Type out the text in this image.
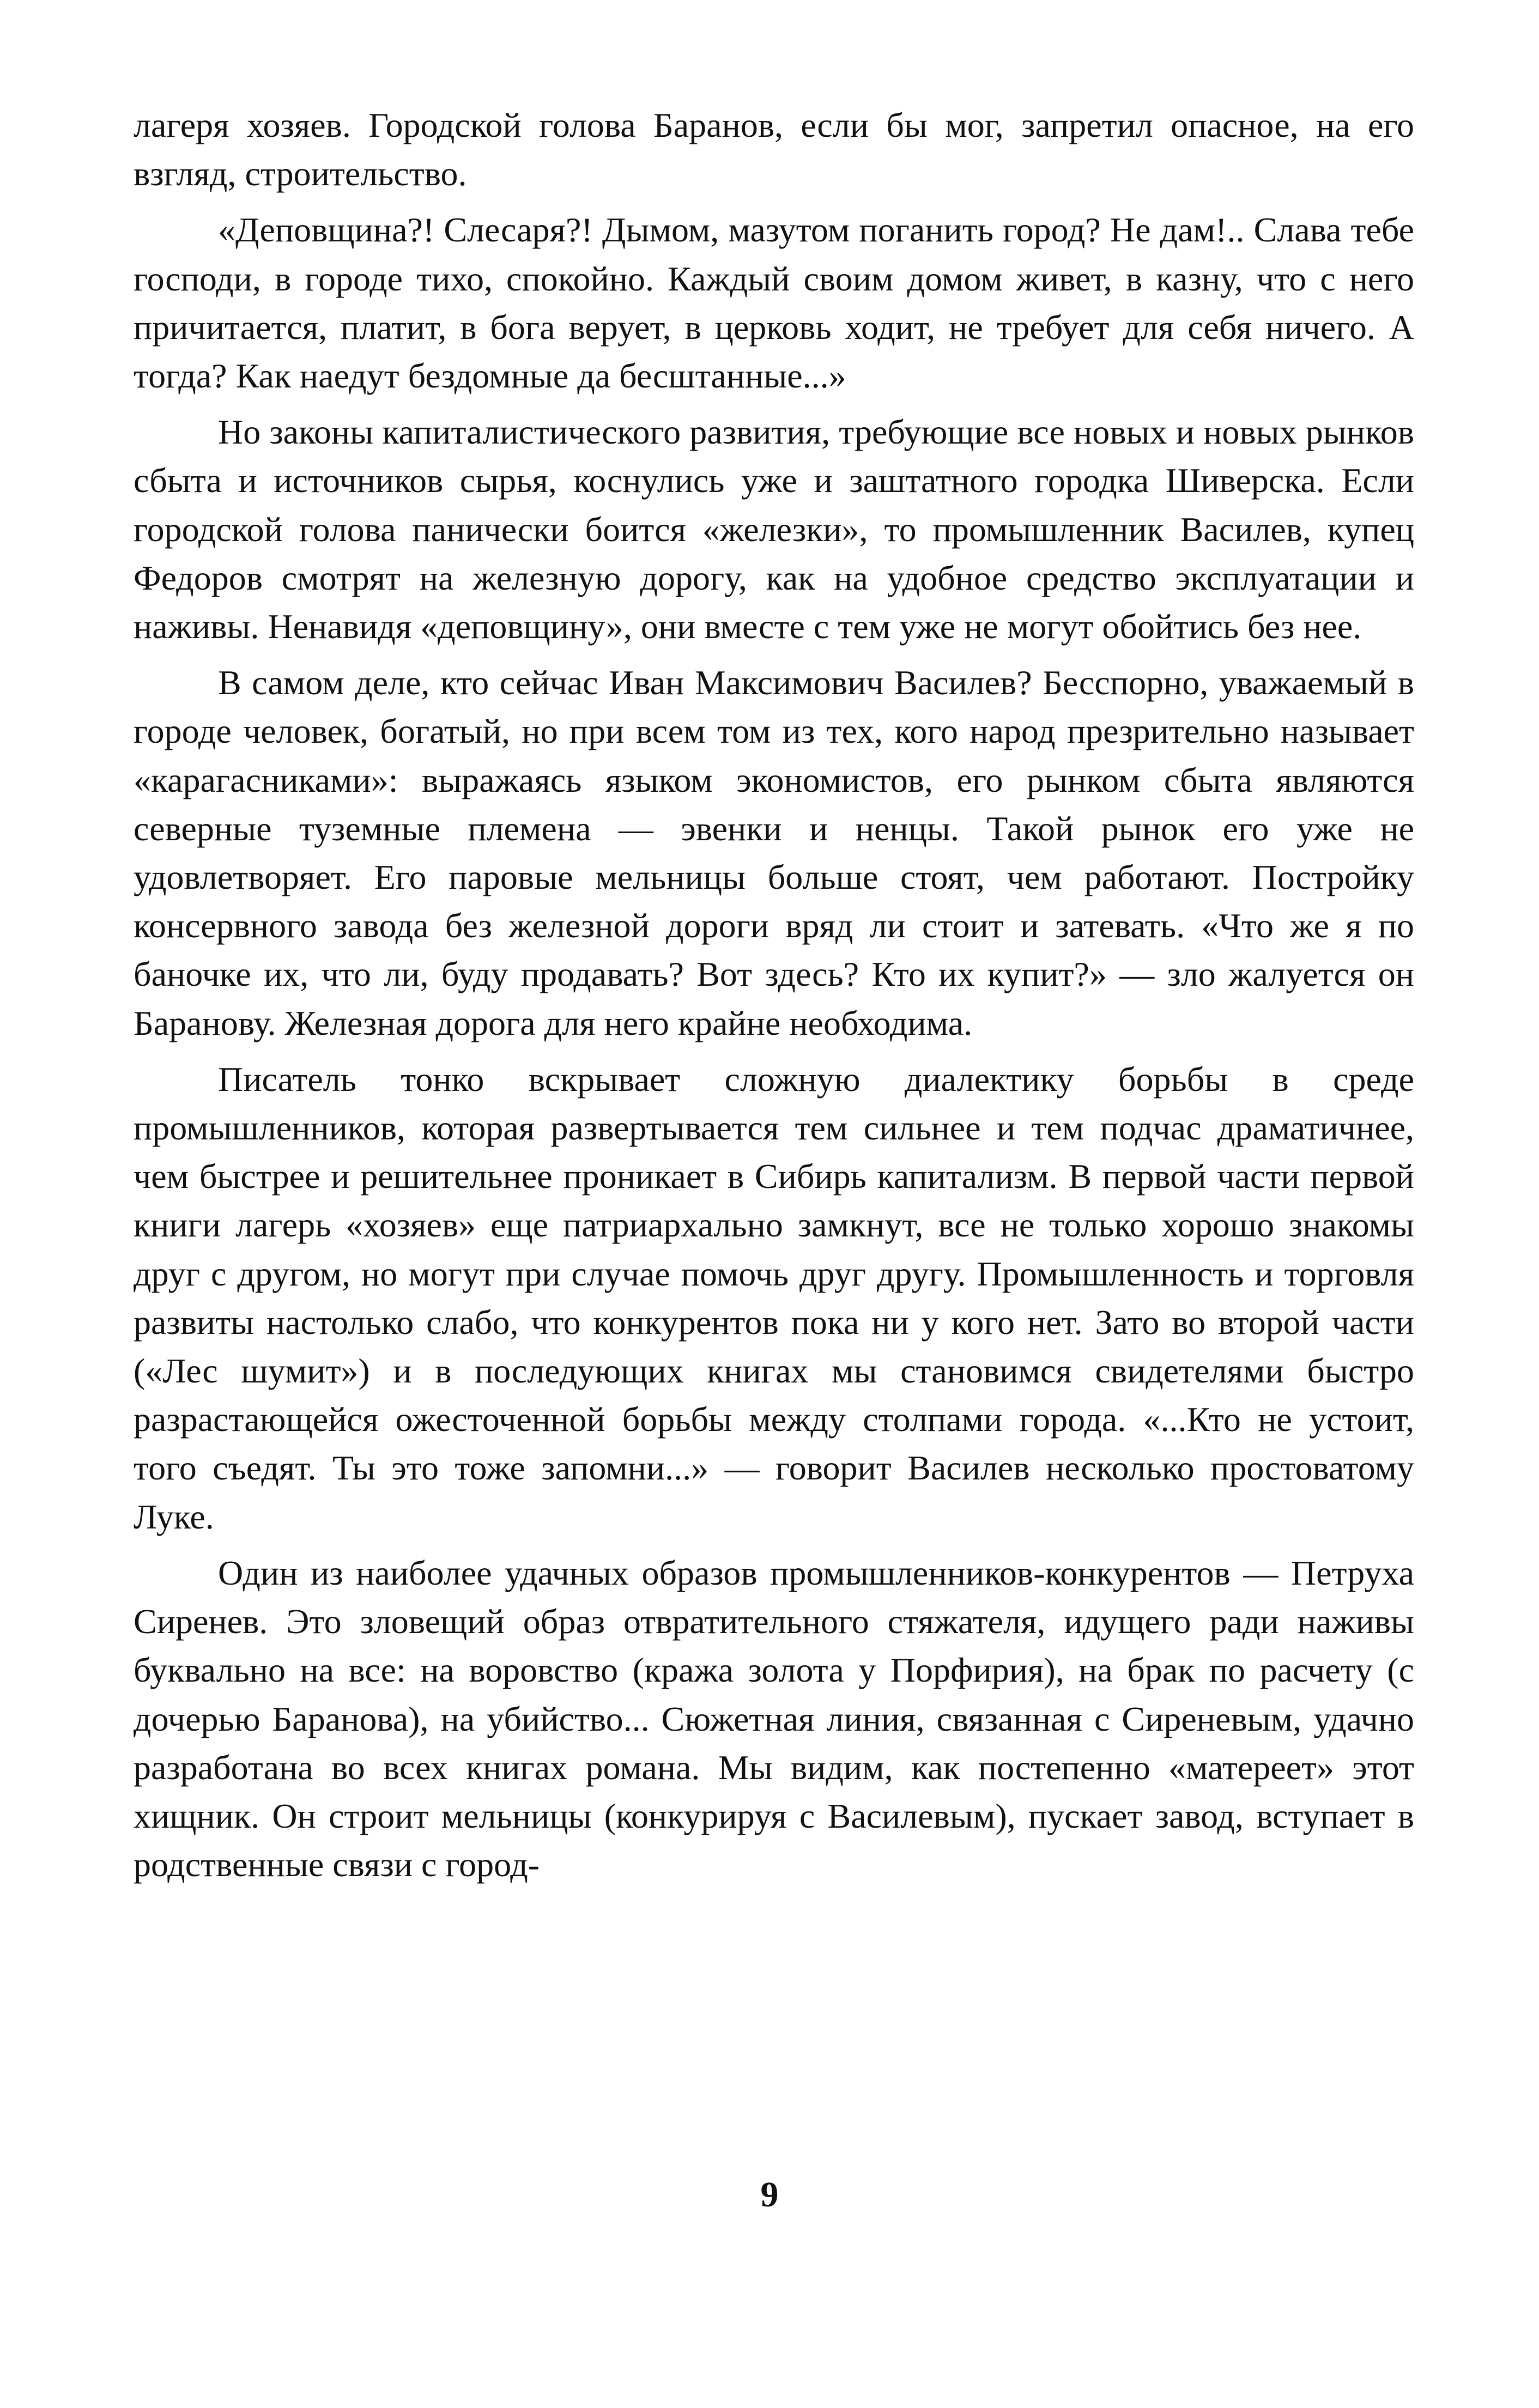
лагеря хозяев. Городской голова Баранов, если бы мог, запретил опасное, на его взгляд, строительство.

«Деповщина?! Слесаря?! Дымом, мазутом поганить город? Не дам!.. Слава тебе господи, в городе тихо, спокойно. Каждый своим домом живет, в казну, что с него причитается, платит, в бога верует, в церковь ходит, не требует для себя ничего. А тогда? Как наедут бездомные да бесштанные...»

Но законы капиталистического развития, требующие все новых и новых рынков сбыта и источников сырья, коснулись уже и заштатного городка Шиверска. Если городской голова панически боится «железки», то промышленник Василев, купец Федоров смотрят на железную дорогу, как на удобное средство эксплуатации и наживы. Ненавидя «деповщину», они вместе с тем уже не могут обойтись без нее.

В самом деле, кто сейчас Иван Максимович Василев? Бесспорно, уважаемый в городе человек, богатый, но при всем том из тех, кого народ презрительно называет «карагасниками»: выражаясь языком экономистов, его рынком сбыта являются северные туземные племена — эвенки и ненцы. Такой рынок его уже не удовлетворяет. Его паровые мельницы больше стоят, чем работают. Постройку консервного завода без железной дороги вряд ли стоит и затевать. «Что же я по баночке их, что ли, буду продавать? Вот здесь? Кто их купит?» — зло жалуется он Баранову. Железная дорога для него крайне необходима.

Писатель тонко вскрывает сложную диалектику борьбы в среде промышленников, которая развертывается тем сильнее и тем подчас драматичнее, чем быстрее и решительнее проникает в Сибирь капитализм. В первой части первой книги лагерь «хозяев» еще патриархально замкнут, все не только хорошо знакомы друг с другом, но могут при случае помочь друг другу. Промышленность и торговля развиты настолько слабо, что конкурентов пока ни у кого нет. Зато во второй части («Лес шумит») и в последующих книгах мы становимся свидетелями быстро разрастающейся ожесточенной борьбы между столпами города. «...Кто не устоит, того съедят. Ты это тоже запомни...» — говорит Василев несколько простоватому Луке.

Один из наиболее удачных образов промышленников-конкурентов — Петруха Сиренев. Это зловещий образ отвратительного стяжателя, идущего ради наживы буквально на все: на воровство (кража золота у Порфирия), на брак по расчету (с дочерью Баранова), на убийство... Сюжетная линия, связанная с Сиреневым, удачно разработана во всех книгах романа. Мы видим, как постепенно «матереет» этот хищник. Он строит мельницы (конкурируя с Василевым), пускает завод, вступает в родственные связи с город-

9
